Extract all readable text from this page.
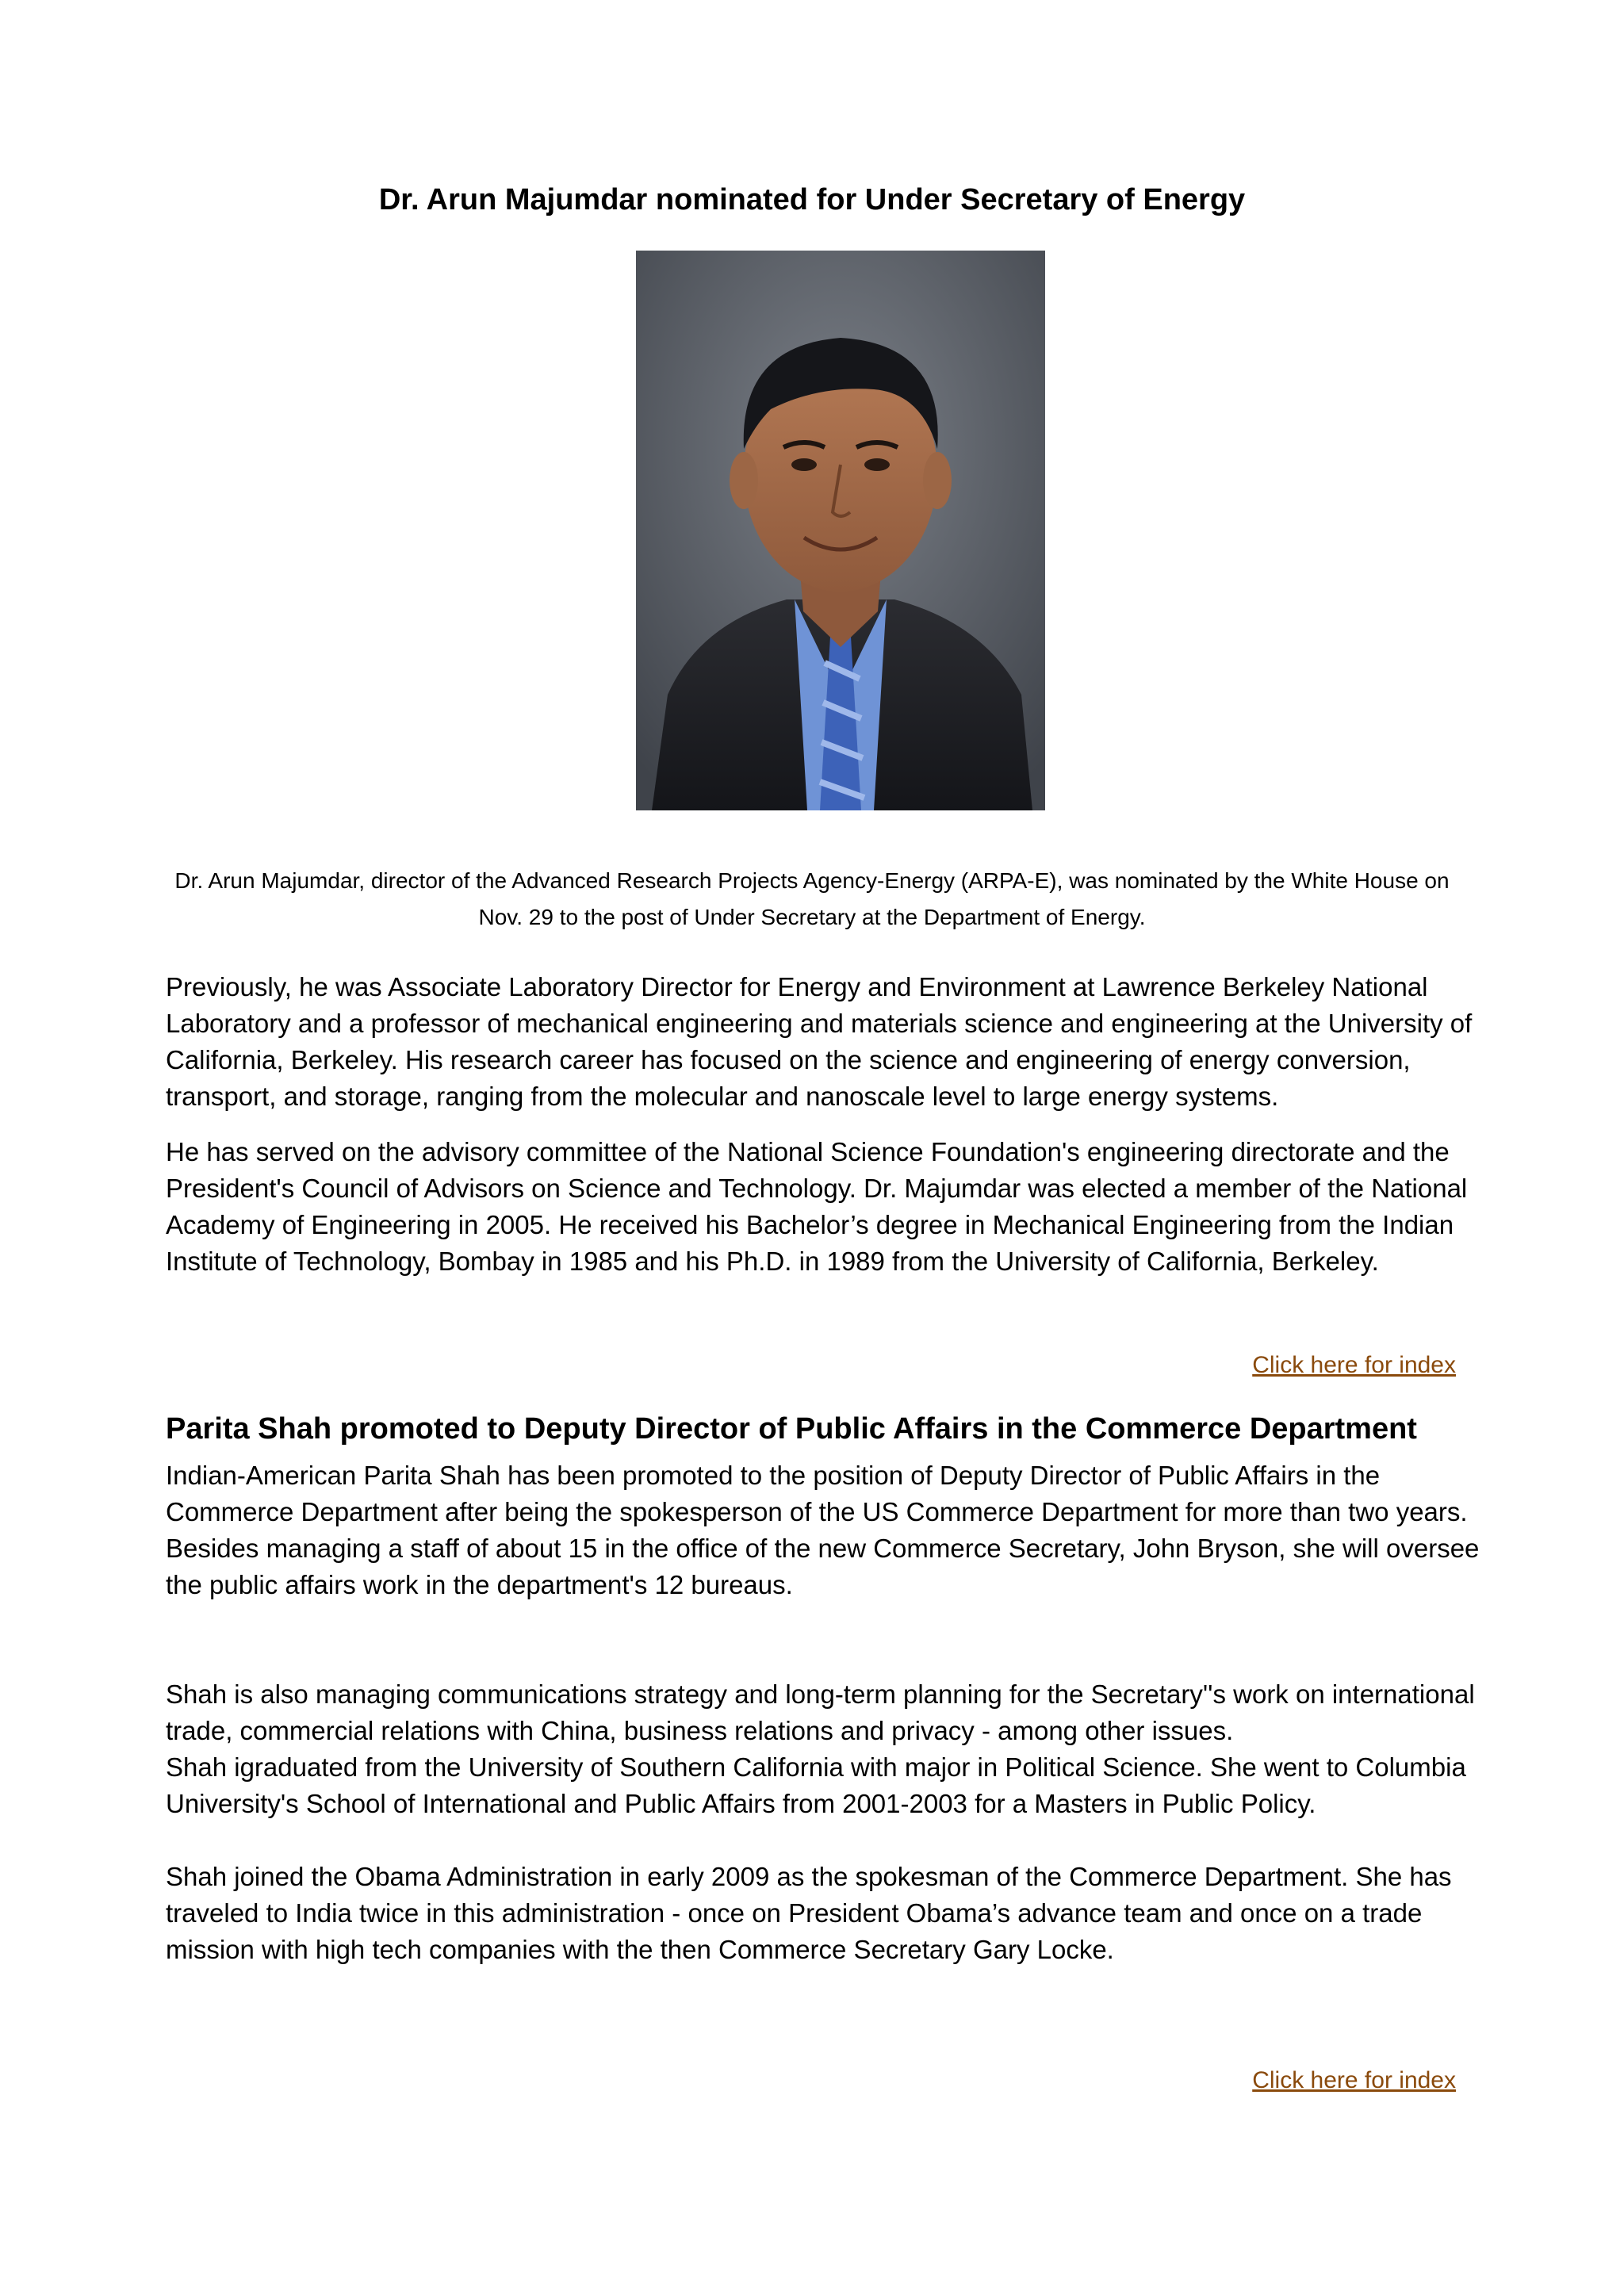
Dr. Arun Majumdar nominated for Under Secretary of Energy
Dr. Arun Majumdar, director of the Advanced Research Projects Agency-Energy (ARPA-E), was nominated by the White House on Nov. 29 to the post of Under Secretary at the Department of Energy.
Previously, he was Associate Laboratory Director for Energy and Environment at Lawrence Berkeley National Laboratory and a professor of mechanical engineering and materials science and engineering at the University of California, Berkeley. His research career has focused on the science and engineering of energy conversion, transport, and storage, ranging from the molecular and nanoscale level to large energy systems.
He has served on the advisory committee of the National Science Foundation's engineering directorate and the President's Council of Advisors on Science and Technology. Dr. Majumdar was elected a member of the National Academy of Engineering in 2005. He received his Bachelor’s degree in Mechanical Engineering from the Indian Institute of Technology, Bombay in 1985 and his Ph.D. in 1989 from the University of California, Berkeley.
Click here for index
Parita Shah promoted to Deputy Director of Public Affairs in the Commerce Department

Indian-American Parita Shah has been promoted to the position of Deputy Director of Public Affairs in the Commerce Department after being the spokesperson of the US Commerce Department for more than two years.

Besides managing a staff of about 15 in the office of the new Commerce Secretary, John Bryson, she will oversee the public affairs work in the department's 12 bureaus.

Shah is also managing communications strategy and long-term planning for the Secretary''s work on international trade, commercial relations with China, business relations and privacy - among other issues.

Shah igraduated from the University of Southern California with major in Political Science. She went to Columbia University's School of International and Public Affairs from 2001-2003 for a Masters in Public Policy.

Shah joined the Obama Administration in early 2009 as the spokesman of the Commerce Department. She has traveled to India twice in this administration - once on President Obama’s advance team and once on a trade mission with high tech companies with the then Commerce Secretary Gary Locke.

Click here for index
